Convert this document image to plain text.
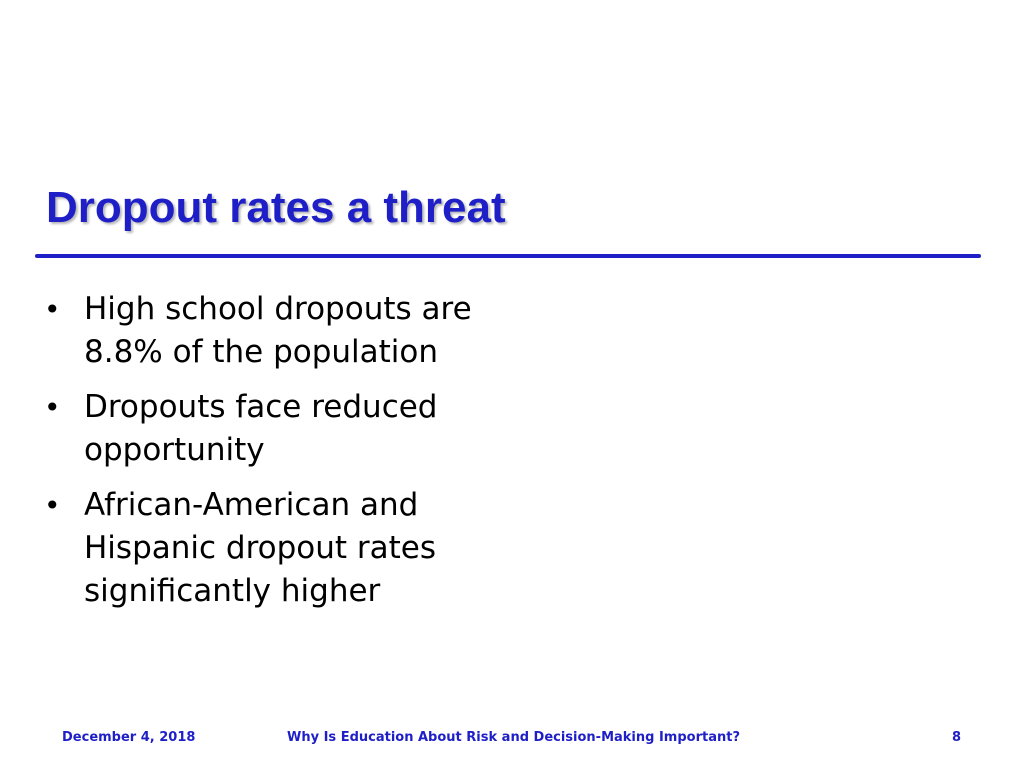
Dropout rates a threat
• High school dropouts are 8.8% of the population
• Dropouts face reduced opportunity
• African-American and Hispanic dropout rates significantly higher
December 4, 2018	Why Is Education About Risk and Decision-Making Important?	8
